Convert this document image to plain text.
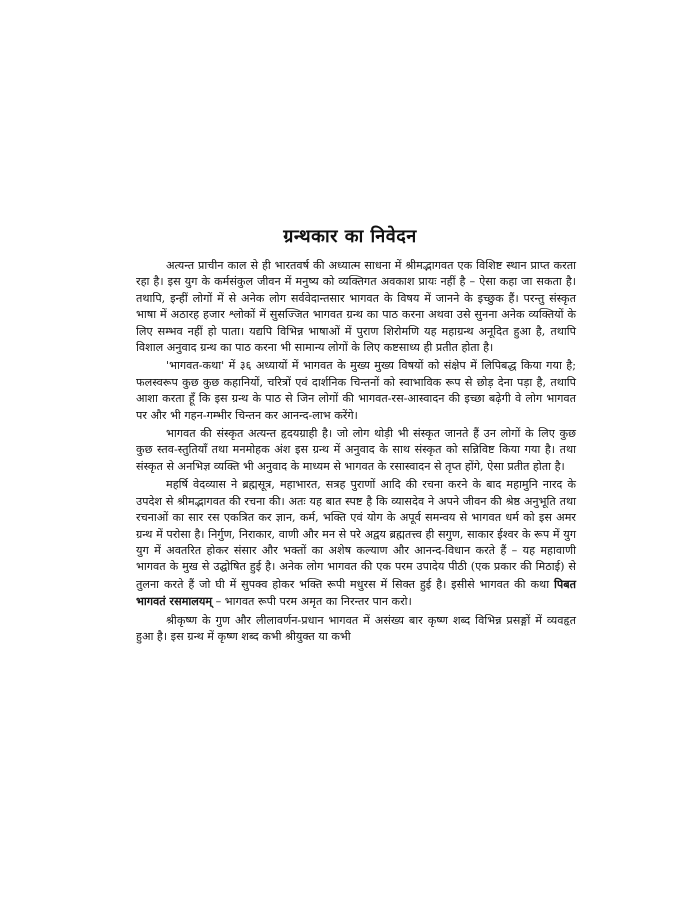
ग्रन्थकार का निवेदन

अत्यन्त प्राचीन काल से ही भारतवर्ष की अध्यात्म साधना में श्रीमद्भागवत एक विशिष्ट स्थान प्राप्त करता रहा है। इस युग के कर्मसंकुल जीवन में मनुष्य को व्यक्तिगत अवकाश प्रायः नहीं है – ऐसा कहा जा सकता है। तथापि, इन्हीं लोगों में से अनेक लोग सर्ववेदान्तसार भागवत के विषय में जानने के इच्छुक हैं। परन्तु संस्कृत भाषा में अठारह हजार श्लोकों में सुसज्जित भागवत ग्रन्थ का पाठ करना अथवा उसे सुनना अनेक व्यक्तियों के लिए सम्भव नहीं हो पाता। यद्यपि विभिन्न भाषाओं में पुराण शिरोमणि यह महाग्रन्थ अनूदित हुआ है, तथापि विशाल अनुवाद ग्रन्थ का पाठ करना भी सामान्य लोगों के लिए कष्टसाध्य ही प्रतीत होता है।

'भागवत-कथा' में ३६ अध्यायों में भागवत के मुख्य मुख्य विषयों को संक्षेप में लिपिबद्ध किया गया है; फलस्वरूप कुछ कुछ कहानियों, चरित्रों एवं दार्शनिक चिन्तनों को स्वाभाविक रूप से छोड़ देना पड़ा है, तथापि आशा करता हूँ कि इस ग्रन्थ के पाठ से जिन लोगों की भागवत-रस-आस्वादन की इच्छा बढ़ेगी वे लोग भागवत पर और भी गहन-गम्भीर चिन्तन कर आनन्द-लाभ करेंगे।

भागवत की संस्कृत अत्यन्त हृदयग्राही है। जो लोग थोड़ी भी संस्कृत जानते हैं उन लोगों के लिए कुछ कुछ स्तव-स्तुतियाँ तथा मनमोहक अंश इस ग्रन्थ में अनुवाद के साथ संस्कृत को सन्निविष्ट किया गया है। तथा संस्कृत से अनभिज्ञ व्यक्ति भी अनुवाद के माध्यम से भागवत के रसास्वादन से तृप्त होंगे, ऐसा प्रतीत होता है।

महर्षि वेदव्यास ने ब्रह्मसूत्र, महाभारत, सत्रह पुराणों आदि की रचना करने के बाद महामुनि नारद के उपदेश से श्रीमद्भागवत की रचना की। अतः यह बात स्पष्ट है कि व्यासदेव ने अपने जीवन की श्रेष्ठ अनुभूति तथा रचनाओं का सार रस एकत्रित कर ज्ञान, कर्म, भक्ति एवं योग के अपूर्व समन्वय से भागवत धर्म को इस अमर ग्रन्थ में परोसा है। निर्गुण, निराकार, वाणी और मन से परे अद्वय ब्रह्मतत्त्व ही सगुण, साकार ईश्वर के रूप में युग युग में अवतरित होकर संसार और भक्तों का अशेष कल्याण और आनन्द-विधान करते हैं – यह महावाणी भागवत के मुख से उद्घोषित हुई है। अनेक लोग भागवत की एक परम उपादेय पीठी (एक प्रकार की मिठाई) से तुलना करते हैं जो घी में सुपक्व होकर भक्ति रूपी मधुरस में सिक्त हुई है। इसीसे भागवत की कथा पिबत भागवतं रसमालयम् – भागवत रूपी परम अमृत का निरन्तर पान करो।

श्रीकृष्ण के गुण और लीलावर्णन-प्रधान भागवत में असंख्य बार कृष्ण शब्द विभिन्न प्रसङ्गों में व्यवहृत हुआ है। इस ग्रन्थ में कृष्ण शब्द कभी श्रीयुक्त या कभी
